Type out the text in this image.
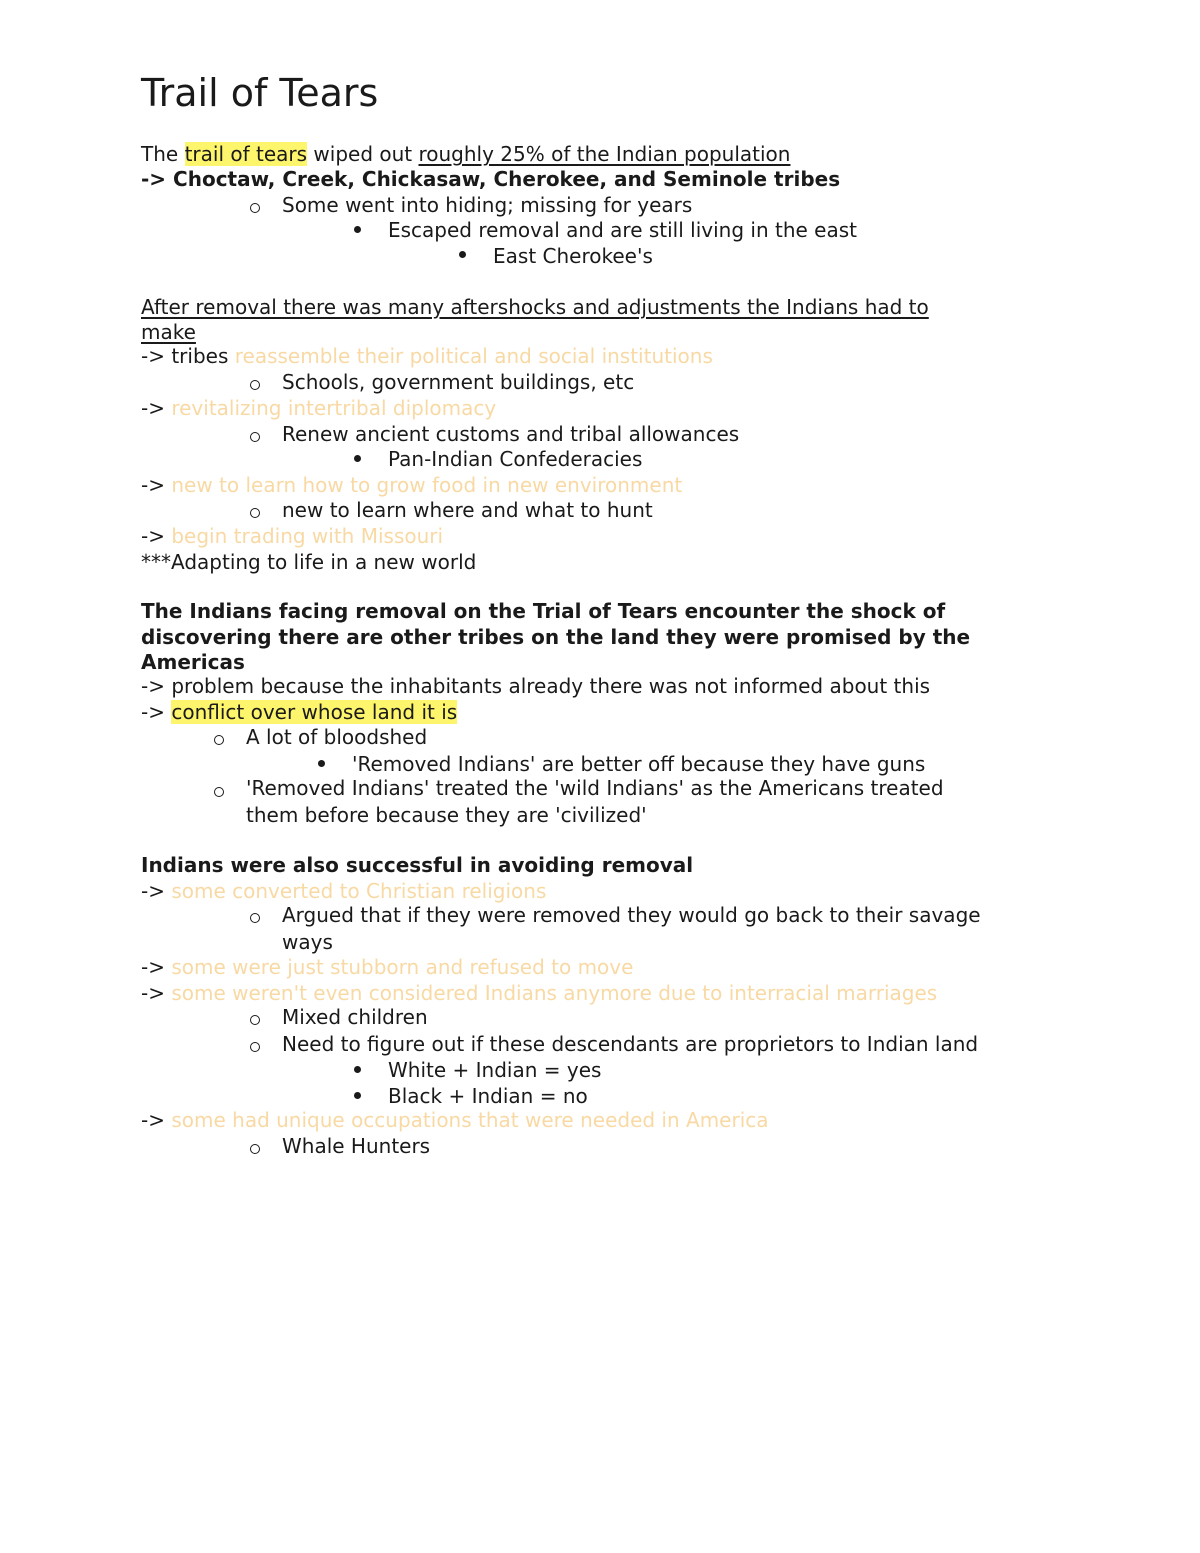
Trail of Tears
The trail of tears wiped out roughly 25% of the Indian population
-> Choctaw, Creek, Chickasaw, Cherokee, and Seminole tribes
Some went into hiding; missing for years
Escaped removal and are still living in the east
East Cherokee's
After removal there was many aftershocks and adjustments the Indians had to
make
-> tribes reassemble their political and social institutions
Schools, government buildings, etc
-> revitalizing intertribal diplomacy
Renew ancient customs and tribal allowances
Pan-Indian Confederacies
-> new to learn how to grow food in new environment
new to learn where and what to hunt
-> begin trading with Missouri
***Adapting to life in a new world
The Indians facing removal on the Trial of Tears encounter the shock of
discovering there are other tribes on the land they were promised by the
Americas
-> problem because the inhabitants already there was not informed about this
-> conflict over whose land it is
A lot of bloodshed
'Removed Indians' are better off because they have guns
'Removed Indians' treated the 'wild Indians' as the Americans treated
them before because they are 'civilized'
Indians were also successful in avoiding removal
-> some converted to Christian religions
Argued that if they were removed they would go back to their savage
ways
-> some were just stubborn and refused to move
-> some weren't even considered Indians anymore due to interracial marriages
Mixed children
Need to figure out if these descendants are proprietors to Indian land
White + Indian = yes
Black + Indian = no
-> some had unique occupations that were needed in America
Whale Hunters
